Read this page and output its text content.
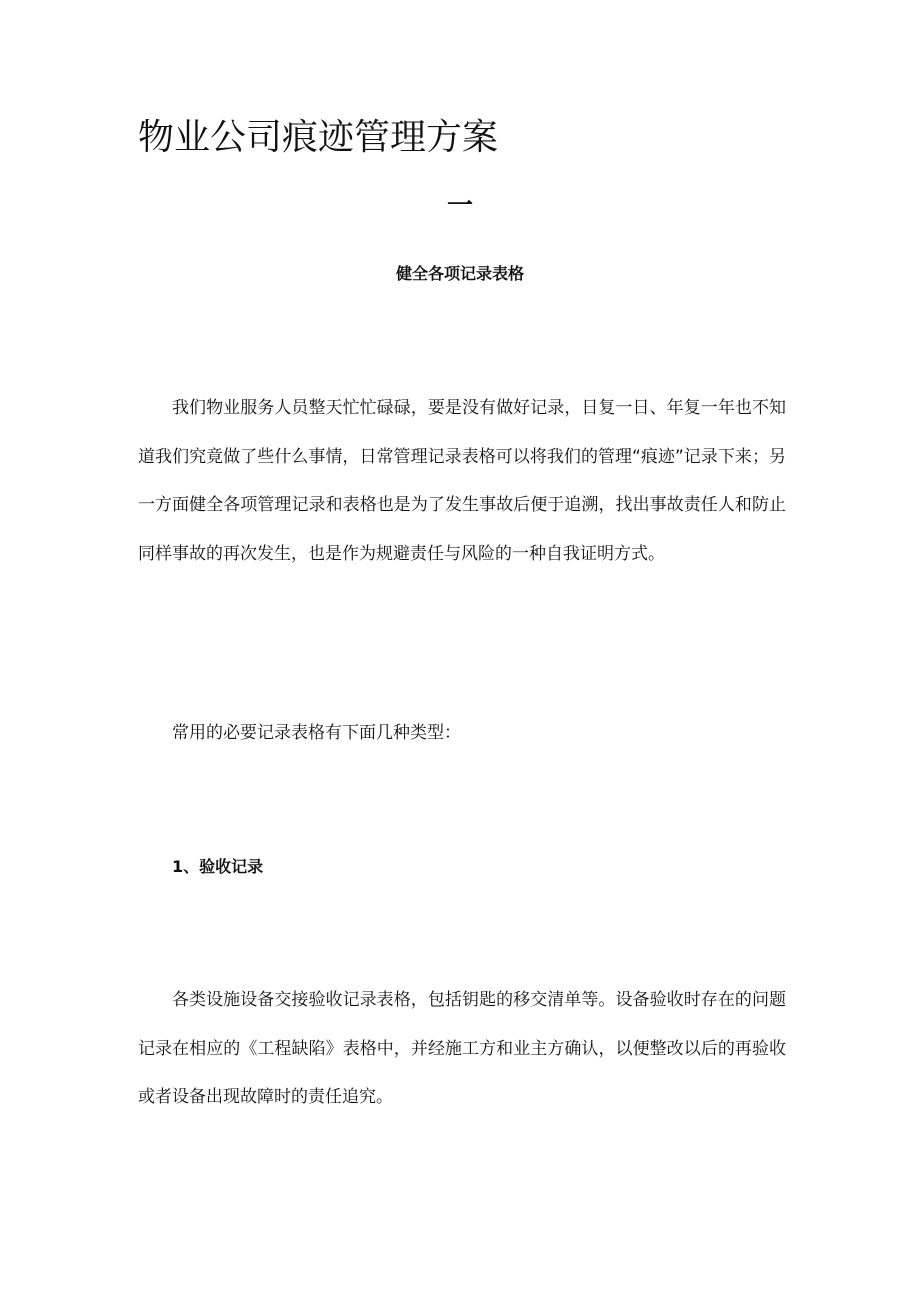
物业公司痕迹管理方案
一
健全各项记录表格

我们物业服务人员整天忙忙碌碌，要是没有做好记录，日复一日、年复一年也不知道我们究竟做了些什么事情，日常管理记录表格可以将我们的管理“痕迹”记录下来；另一方面健全各项管理记录和表格也是为了发生事故后便于追溯，找出事故责任人和防止同样事故的再次发生，也是作为规避责任与风险的一种自我证明方式。

常用的必要记录表格有下面几种类型：

1、验收记录

各类设施设备交接验收记录表格，包括钥匙的移交清单等。设备验收时存在的问题记录在相应的《工程缺陷》表格中，并经施工方和业主方确认，以便整改以后的再验收或者设备出现故障时的责任追究。
